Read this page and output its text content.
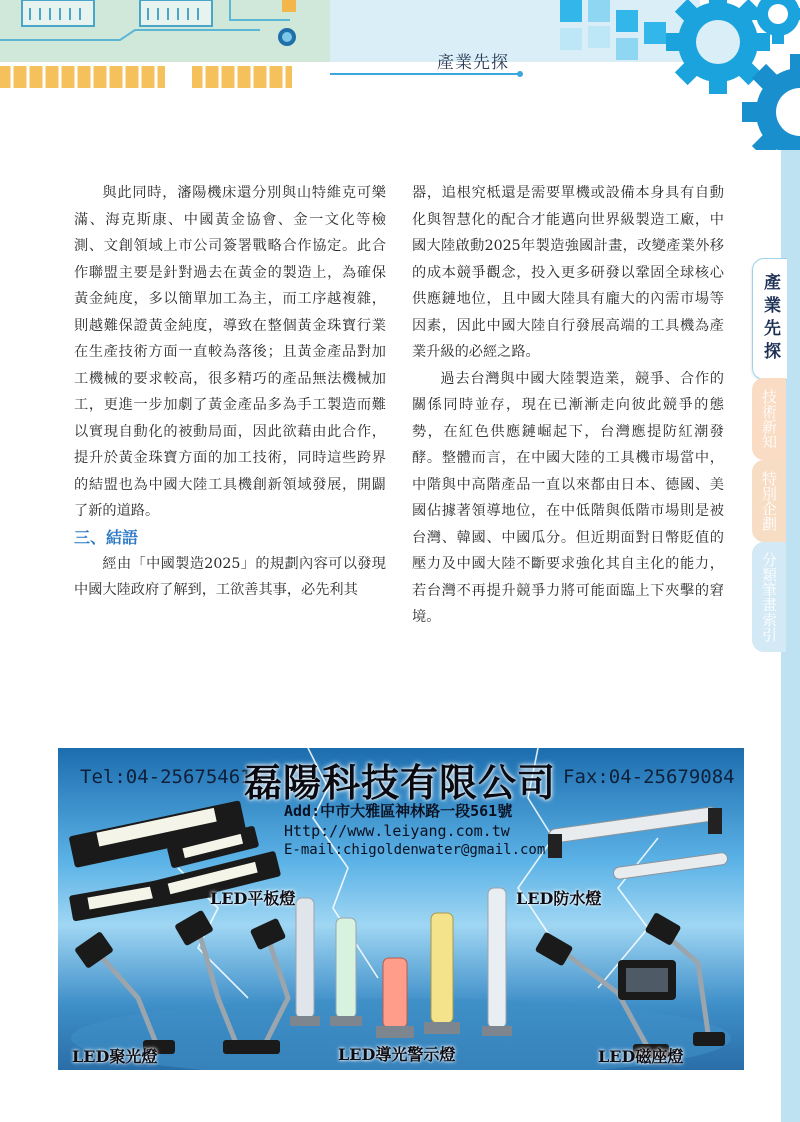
產業先探
產業先探
技術新知
特別企劃
分類筆畫索引

與此同時，瀋陽機床還分別與山特維克可樂滿、海克斯康、中國黃金協會、金一文化等檢測、文創領域上市公司簽署戰略合作協定。此合作聯盟主要是針對過去在黃金的製造上，為確保黃金純度，多以簡單加工為主，而工序越複雜，則越難保證黃金純度，導致在整個黃金珠寶行業在生產技術方面一直較為落後；且黃金產品對加工機械的要求較高，很多精巧的產品無法機械加工，更進一步加劇了黃金產品多為手工製造而難以實現自動化的被動局面，因此欲藉由此合作，提升於黃金珠寶方面的加工技術，同時這些跨界的結盟也為中國大陸工具機創新領域發展，開闢了新的道路。

三、結語

經由「中國製造2025」的規劃內容可以發現中國大陸政府了解到，工欲善其事，必先利其

器，追根究柢還是需要單機或設備本身具有自動化與智慧化的配合才能邁向世界級製造工廠，中國大陸啟動2025年製造強國計畫，改變產業外移的成本競爭觀念，投入更多研發以鞏固全球核心供應鏈地位，且中國大陸具有龐大的內需市場等因素，因此中國大陸自行發展高端的工具機為產業升級的必經之路。

過去台灣與中國大陸製造業，競爭、合作的關係同時並存，現在已漸漸走向彼此競爭的態勢，在紅色供應鏈崛起下，台灣應提防紅潮發酵。整體而言，在中國大陸的工具機市場當中，中階與中高階產品一直以來都由日本、德國、美國佔據著領導地位，在中低階與低階市場則是被台灣、韓國、中國瓜分。但近期面對日幣貶值的壓力及中國大陸不斷要求強化其自主化的能力，若台灣不再提升競爭力將可能面臨上下夾擊的窘境。

Tel:04-25675461
磊陽科技有限公司 Fax:04-25679084
Add:中市大雅區神林路一段561號
Http://www.leiyang.com.tw
E-mail:chigoldenwater@gmail.com
LED平板燈	LED防水燈
LED聚光燈	LED導光警示燈	LED磁座燈
